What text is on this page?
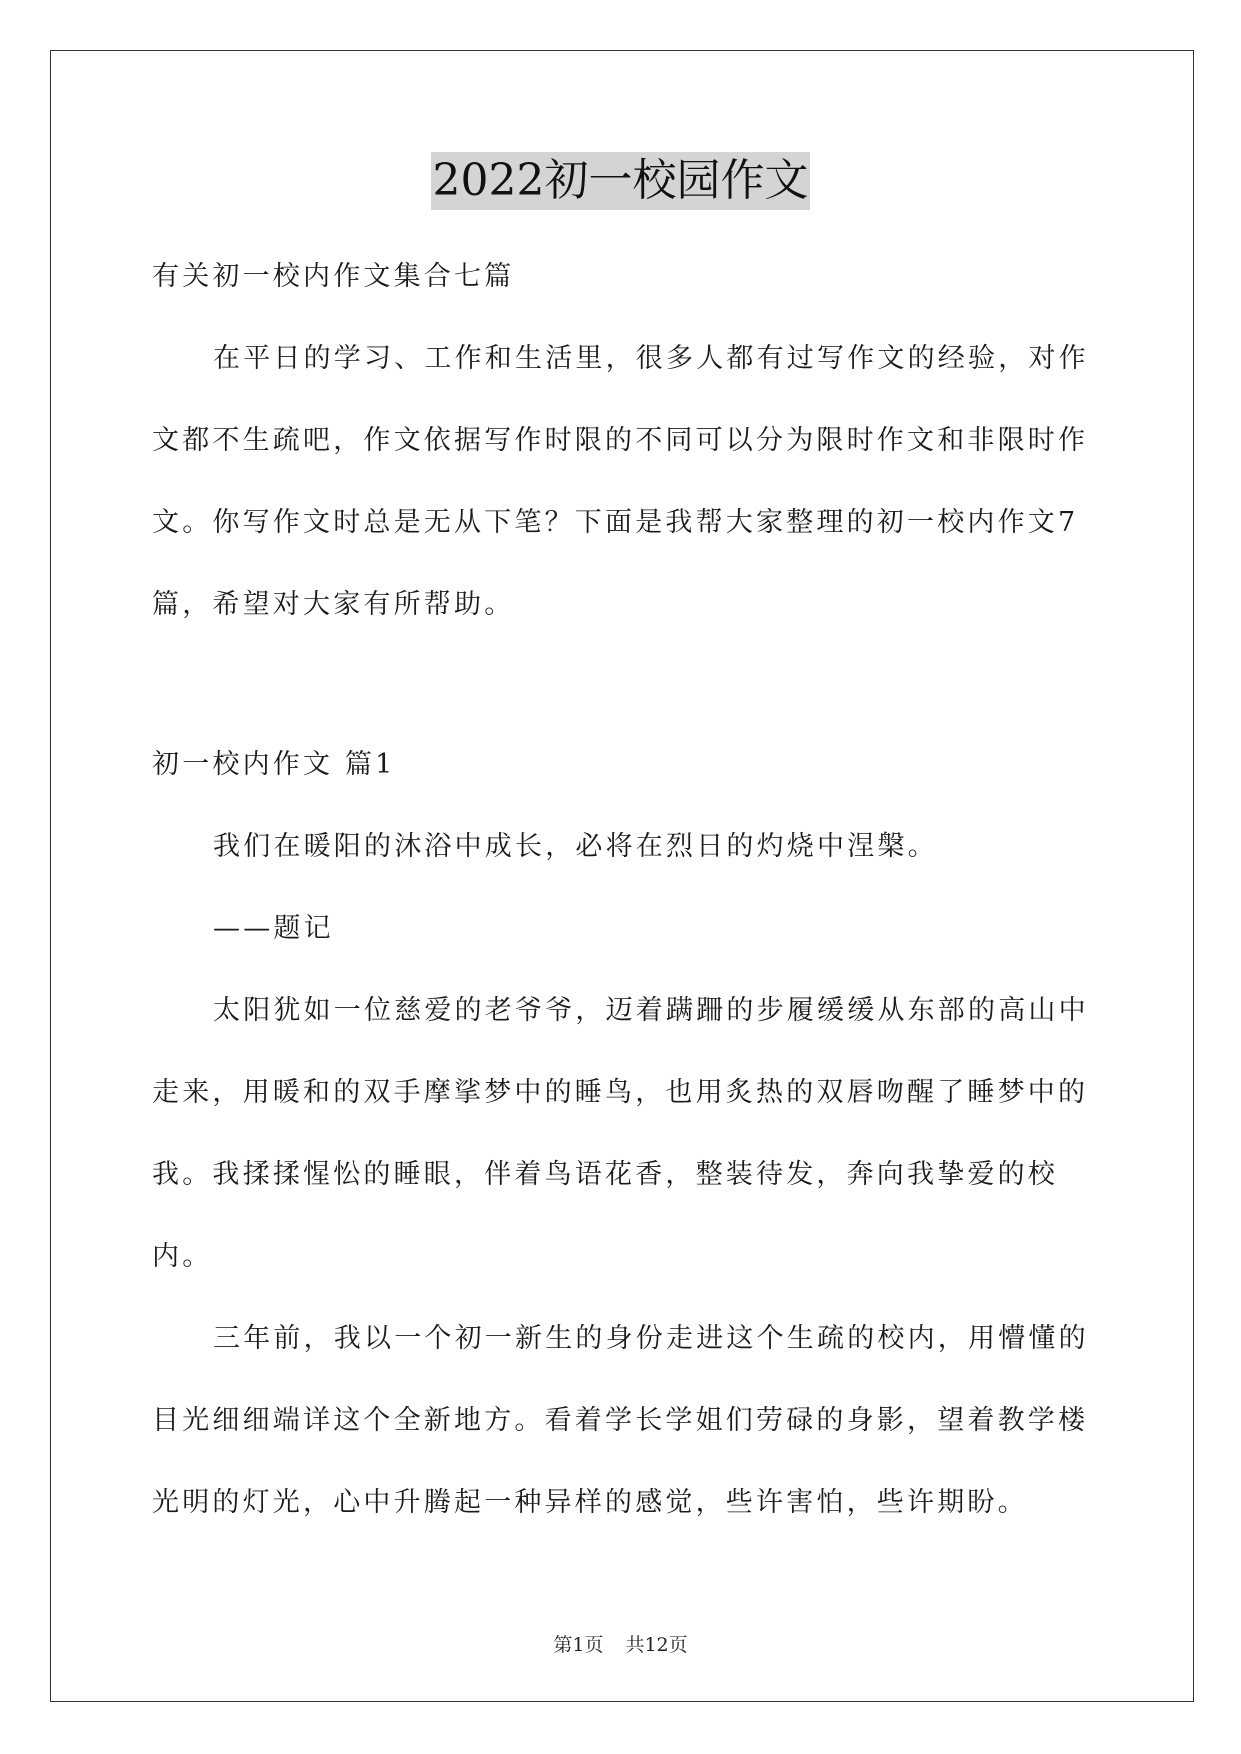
2022初一校园作文

有关初一校内作文集合七篇

在平日的学习、工作和生活里，很多人都有过写作文的经验，对作文都不生疏吧，作文依据写作时限的不同可以分为限时作文和非限时作文。你写作文时总是无从下笔？下面是我帮大家整理的初一校内作文7篇，希望对大家有所帮助。

初一校内作文 篇1

我们在暖阳的沐浴中成长，必将在烈日的灼烧中涅槃。

——题记

太阳犹如一位慈爱的老爷爷，迈着蹒跚的步履缓缓从东部的高山中走来，用暖和的双手摩挲梦中的睡鸟，也用炙热的双唇吻醒了睡梦中的我。我揉揉惺忪的睡眼，伴着鸟语花香，整装待发，奔向我挚爱的校内。

三年前，我以一个初一新生的身份走进这个生疏的校内，用懵懂的目光细细端详这个全新地方。看着学长学姐们劳碌的身影，望着教学楼光明的灯光，心中升腾起一种异样的感觉，些许害怕，些许期盼。

第1页 共12页
